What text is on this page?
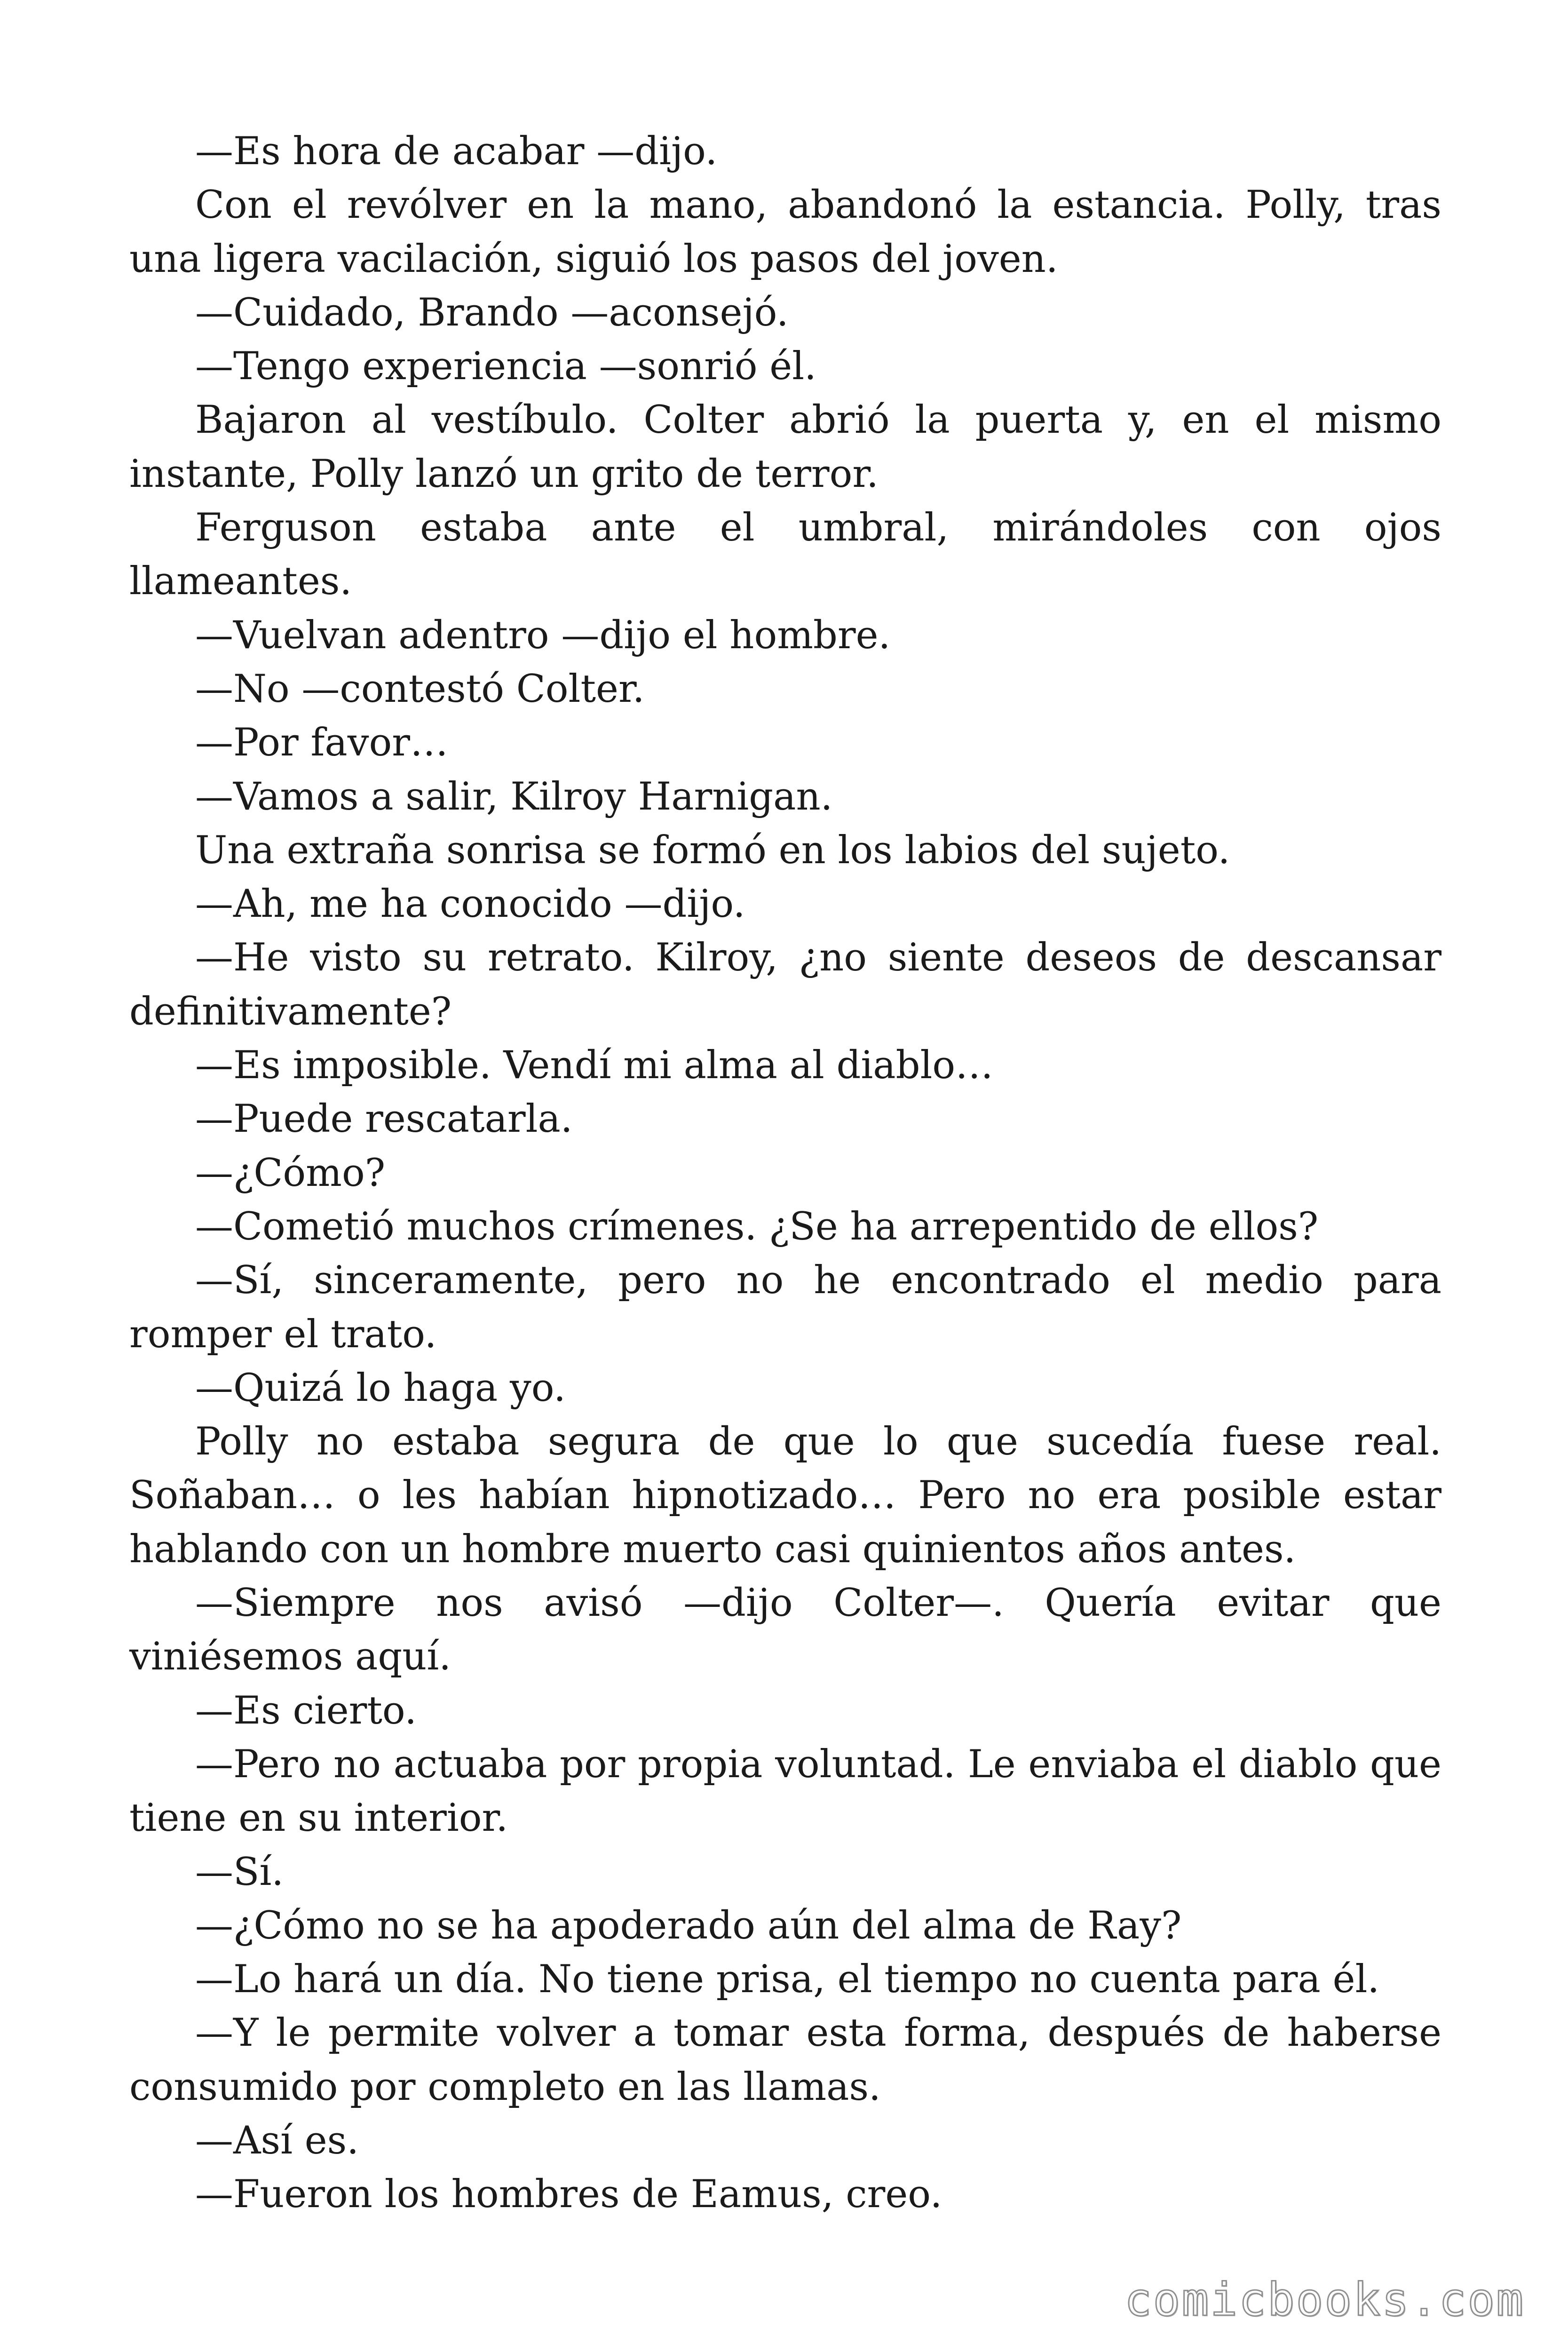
—Es hora de acabar —dijo.

Con el revólver en la mano, abandonó la estancia. Polly, tras una ligera vacilación, siguió los pasos del joven.

—Cuidado, Brando —aconsejó.

—Tengo experiencia —sonrió él.

Bajaron al vestíbulo. Colter abrió la puerta y, en el mismo instante, Polly lanzó un grito de terror.

Ferguson estaba ante el umbral, mirándoles con ojos llameantes.

—Vuelvan adentro —dijo el hombre.

—No —contestó Colter.

—Por favor…

—Vamos a salir, Kilroy Harnigan.

Una extraña sonrisa se formó en los labios del sujeto.

—Ah, me ha conocido —dijo.

—He visto su retrato. Kilroy, ¿no siente deseos de descansar definitivamente?

—Es imposible. Vendí mi alma al diablo…

—Puede rescatarla.

—¿Cómo?

—Cometió muchos crímenes. ¿Se ha arrepentido de ellos?

—Sí, sinceramente, pero no he encontrado el medio para romper el trato.

—Quizá lo haga yo.

Polly no estaba segura de que lo que sucedía fuese real. Soñaban… o les habían hipnotizado… Pero no era posible estar hablando con un hombre muerto casi quinientos años antes.

—Siempre nos avisó —dijo Colter—. Quería evitar que viniésemos aquí.

—Es cierto.

—Pero no actuaba por propia voluntad. Le enviaba el diablo que tiene en su interior.

—Sí.

—¿Cómo no se ha apoderado aún del alma de Ray?

—Lo hará un día. No tiene prisa, el tiempo no cuenta para él.

—Y le permite volver a tomar esta forma, después de haberse consumido por completo en las llamas.

—Así es.

—Fueron los hombres de Eamus, creo.

comicbooks.com
